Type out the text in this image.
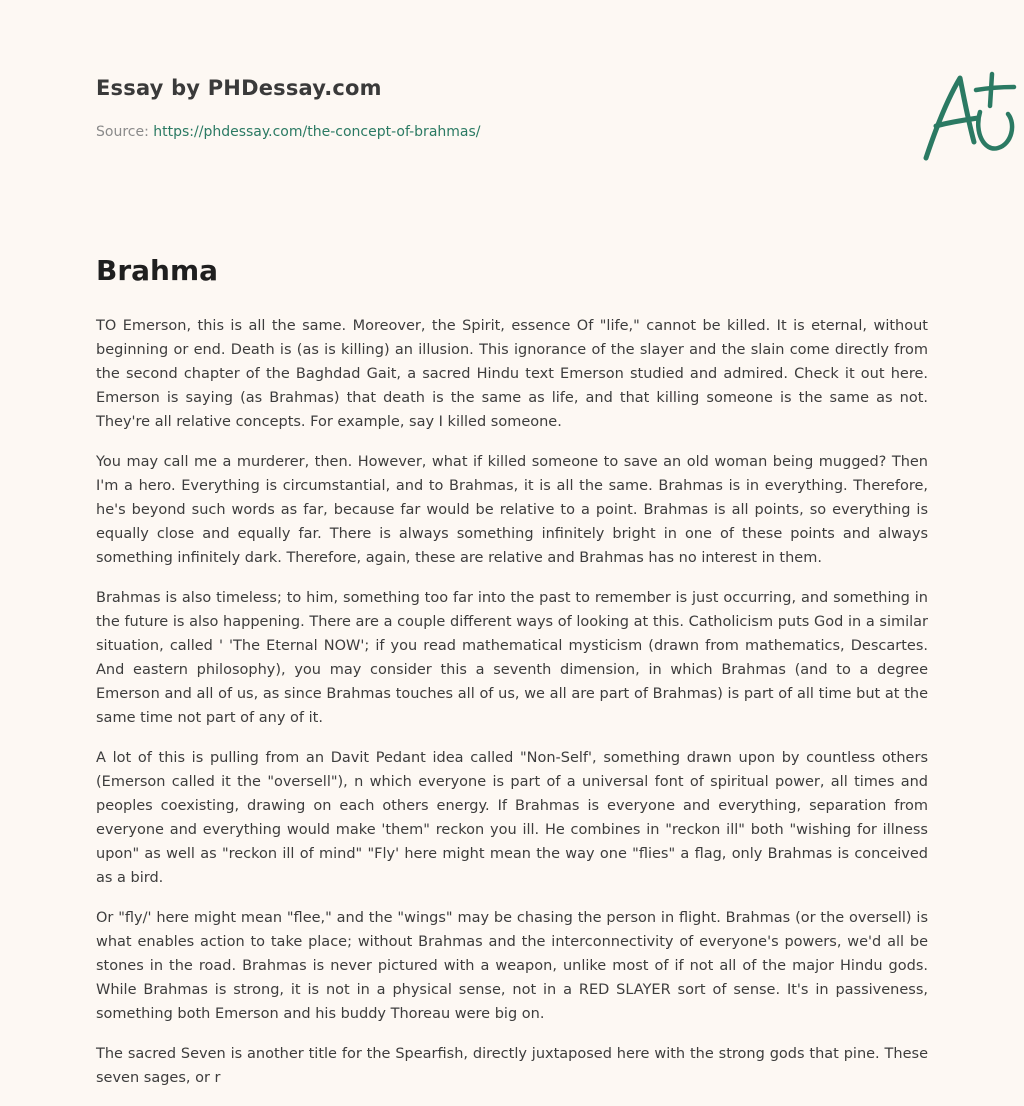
Essay by PHDessay.com
Source: https://phdessay.com/the-concept-of-brahmas/
Brahma

TO Emerson, this is all the same. Moreover, the Spirit, essence Of "life," cannot be killed. It is eternal, without beginning or end. Death is (as is killing) an illusion. This ignorance of the slayer and the slain come directly from the second chapter of the Baghdad Gait, a sacred Hindu text Emerson studied and admired. Check it out here. Emerson is saying (as Brahmas) that death is the same as life, and that killing someone is the same as not. They're all relative concepts. For example, say I killed someone.

You may call me a murderer, then. However, what if killed someone to save an old woman being mugged? Then I'm a hero. Everything is circumstantial, and to Brahmas, it is all the same. Brahmas is in everything. Therefore, he's beyond such words as far, because far would be relative to a point. Brahmas is all points, so everything is equally close and equally far. There is always something infinitely bright in one of these points and always something infinitely dark. Therefore, again, these are relative and Brahmas has no interest in them.

Brahmas is also timeless; to him, something too far into the past to remember is just occurring, and something in the future is also happening. There are a couple different ways of looking at this. Catholicism puts God in a similar situation, called ' 'The Eternal NOW'; if you read mathematical mysticism (drawn from mathematics, Descartes. And eastern philosophy), you may consider this a seventh dimension, in which Brahmas (and to a degree Emerson and all of us, as since Brahmas touches all of us, we all are part of Brahmas) is part of all time but at the same time not part of any of it.

A lot of this is pulling from an Davit Pedant idea called "Non-Self', something drawn upon by countless others (Emerson called it the "oversell"), n which everyone is part of a universal font of spiritual power, all times and peoples coexisting, drawing on each others energy. If Brahmas is everyone and everything, separation from everyone and everything would make 'them" reckon you ill. He combines in "reckon ill" both "wishing for illness upon" as well as "reckon ill of mind" "Fly' here might mean the way one "flies" a flag, only Brahmas is conceived as a bird.

Or "fly/' here might mean "flee," and the "wings" may be chasing the person in flight. Brahmas (or the oversell) is what enables action to take place; without Brahmas and the interconnectivity of everyone's powers, we'd all be stones in the road. Brahmas is never pictured with a weapon, unlike most of if not all of the major Hindu gods. While Brahmas is strong, it is not in a physical sense, not in a RED SLAYER sort of sense. It's in passiveness, something both Emerson and his buddy Thoreau were big on.

The sacred Seven is another title for the Spearfish, directly juxtaposed here with the strong gods that pine. These seven sages, or r
